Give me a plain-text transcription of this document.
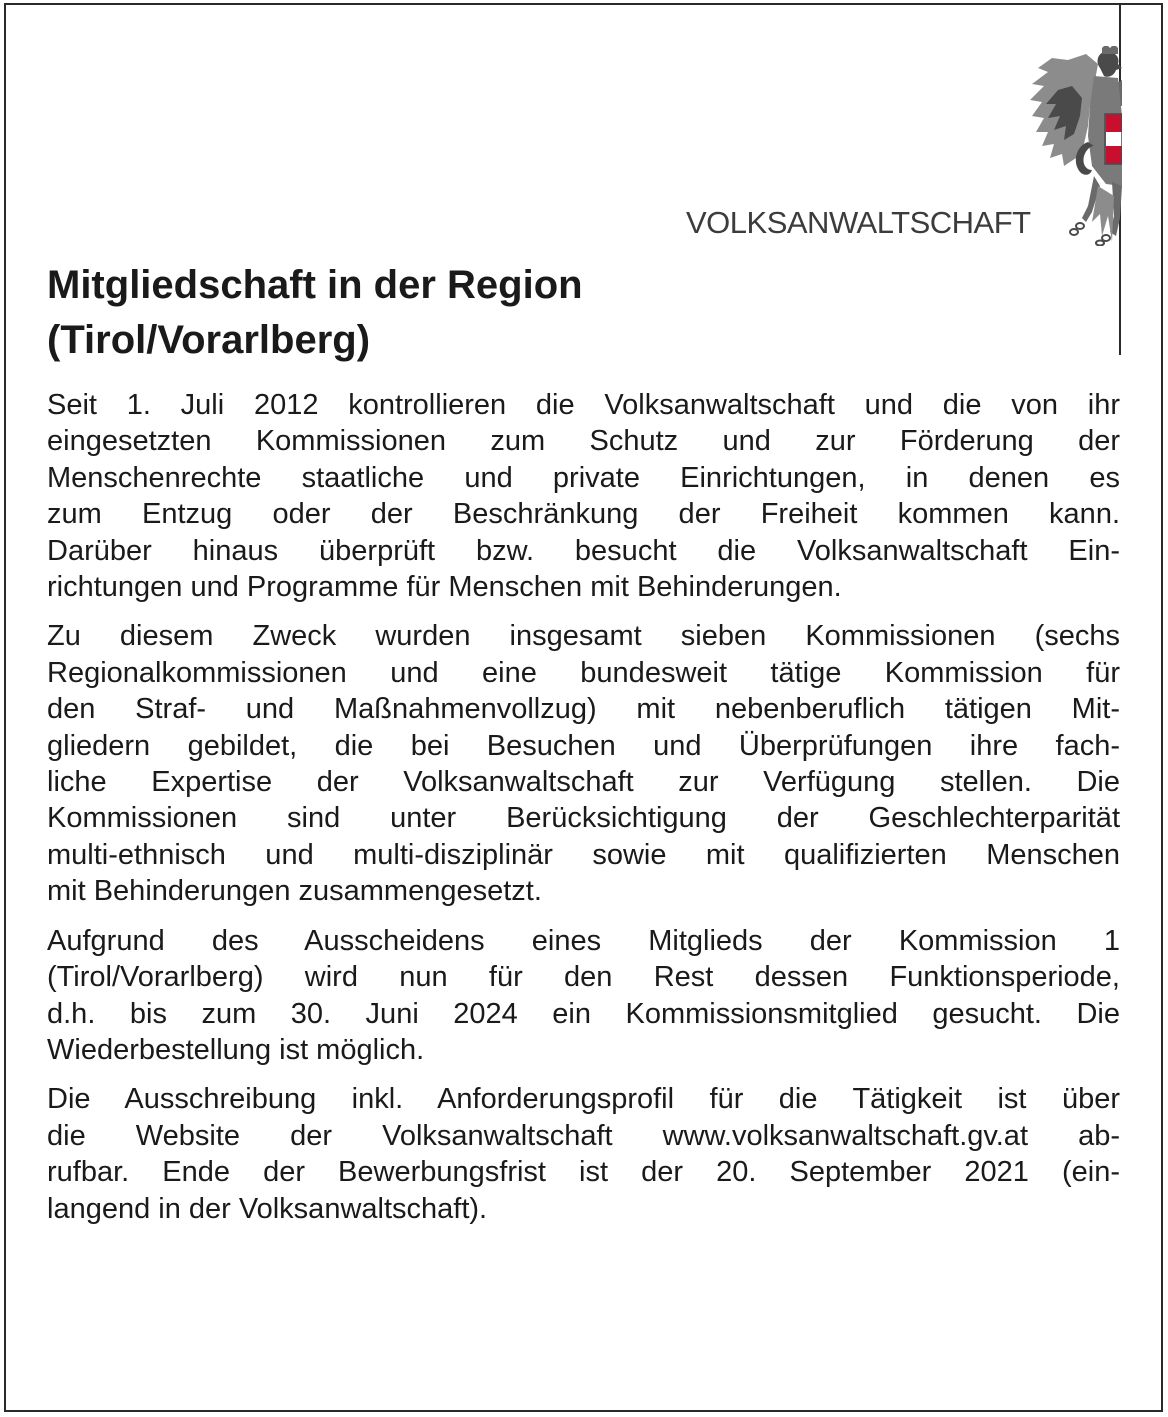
VOLKSANWALTSCHAFT
Mitgliedschaft in der Region
(Tirol/Vorarlberg)

Seit 1. Juli 2012 kontrollieren die Volksanwaltschaft und die von ihr
eingesetzten Kommissionen zum Schutz und zur Förderung der
Menschenrechte staatliche und private Einrichtungen, in denen es
zum Entzug oder der Beschränkung der Freiheit kommen kann.
Darüber hinaus überprüft bzw. besucht die Volksanwaltschaft Ein-
richtungen und Programme für Menschen mit Behinderungen.

Zu diesem Zweck wurden insgesamt sieben Kommissionen (sechs
Regionalkommissionen und eine bundesweit tätige Kommission für
den Straf- und Maßnahmenvollzug) mit nebenberuflich tätigen Mit-
gliedern gebildet, die bei Besuchen und Überprüfungen ihre fach-
liche Expertise der Volksanwaltschaft zur Verfügung stellen. Die
Kommissionen sind unter Berücksichtigung der Geschlechterparität
multi-ethnisch und multi-disziplinär sowie mit qualifizierten Menschen
mit Behinderungen zusammengesetzt.

Aufgrund des Ausscheidens eines Mitglieds der Kommission 1
(Tirol/Vorarlberg) wird nun für den Rest dessen Funktionsperiode,
d.h. bis zum 30. Juni 2024 ein Kommissionsmitglied gesucht. Die
Wiederbestellung ist möglich.

Die Ausschreibung inkl. Anforderungsprofil für die Tätigkeit ist über
die Website der Volksanwaltschaft www.volksanwaltschaft.gv.at ab-
rufbar. Ende der Bewerbungsfrist ist der 20. September 2021 (ein-
langend in der Volksanwaltschaft).
